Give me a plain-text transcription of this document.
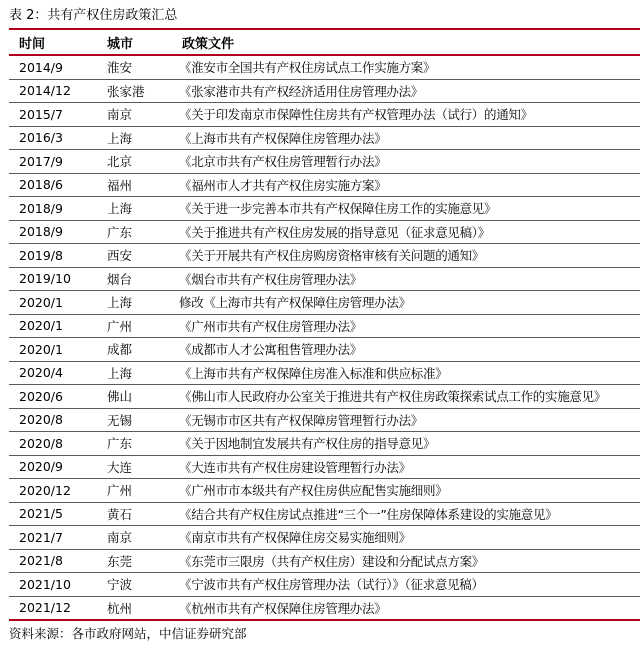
表 2：共有产权住房政策汇总
时间	城市	政策文件
2014/9	淮安	《淮安市全国共有产权住房试点工作实施方案》
2014/12	张家港	《张家港市共有产权经济适用住房管理办法》
2015/7	南京	《关于印发南京市保障性住房共有产权管理办法（试行）的通知》
2016/3	上海	《上海市共有产权保障住房管理办法》
2017/9	北京	《北京市共有产权住房管理暂行办法》
2018/6	福州	《福州市人才共有产权住房实施方案》
2018/9	上海	《关于进一步完善本市共有产权保障住房工作的实施意见》
2018/9	广东	《关于推进共有产权住房发展的指导意见（征求意见稿）》
2019/8	西安	《关于开展共有产权住房购房资格审核有关问题的通知》
2019/10	烟台	《烟台市共有产权住房管理办法》
2020/1	上海	修改《上海市共有产权保障住房管理办法》
2020/1	广州	《广州市共有产权住房管理办法》
2020/1	成都	《成都市人才公寓租售管理办法》
2020/4	上海	《上海市共有产权保障住房准入标准和供应标准》
2020/6	佛山	《佛山市人民政府办公室关于推进共有产权住房政策探索试点工作的实施意见》
2020/8	无锡	《无锡市市区共有产权保障房管理暂行办法》
2020/8	广东	《关于因地制宜发展共有产权住房的指导意见》
2020/9	大连	《大连市共有产权住房建设管理暂行办法》
2020/12	广州	《广州市市本级共有产权住房供应配售实施细则》
2021/5	黄石	《结合共有产权住房试点推进“三个一”住房保障体系建设的实施意见》
2021/7	南京	《南京市共有产权保障住房交易实施细则》
2021/8	东莞	《东莞市三限房（共有产权住房）建设和分配试点方案》
2021/10	宁波	《宁波市共有产权住房管理办法（试行）》（征求意见稿）
2021/12	杭州	《杭州市共有产权保障住房管理办法》
资料来源：各市政府网站，中信证券研究部
